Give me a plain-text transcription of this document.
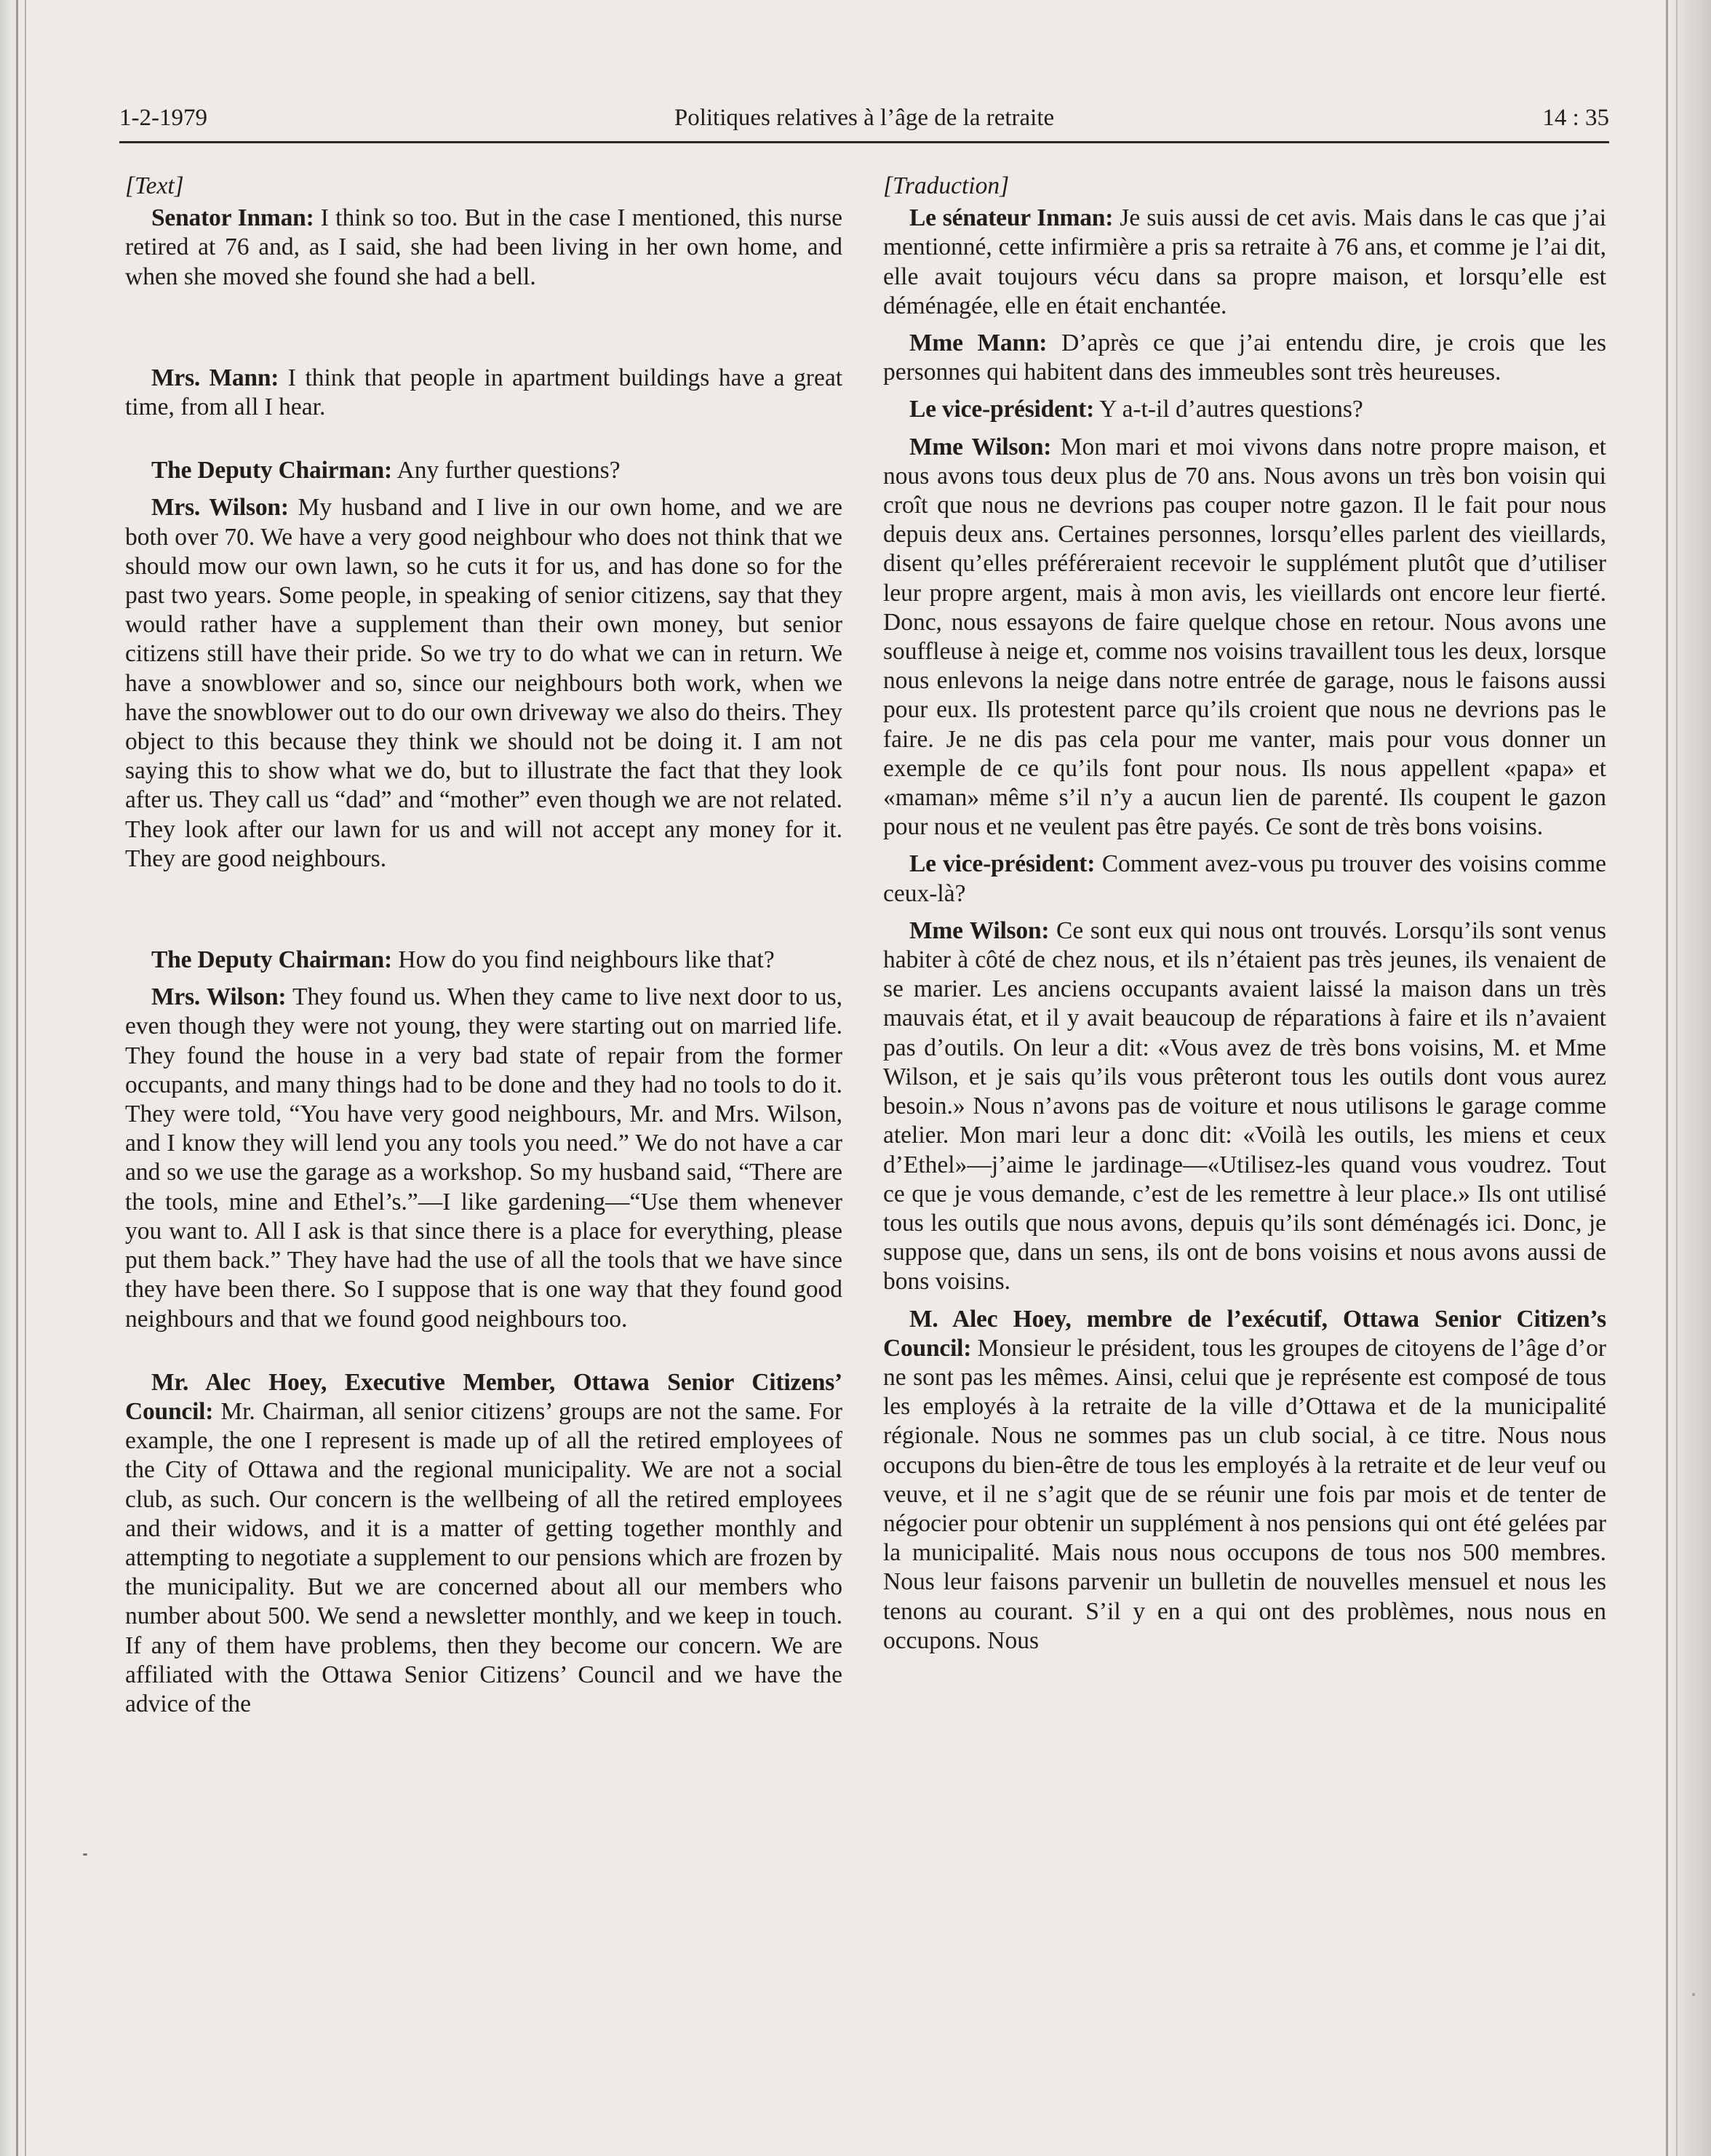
1-2-1979	Politiques relatives à l’âge de la retraite	14 : 35

[Text]

Senator Inman: I think so too. But in the case I mentioned, this nurse retired at 76 and, as I said, she had been living in her own home, and when she moved she found she had a bell.

Mrs. Mann: I think that people in apartment buildings have a great time, from all I hear.

The Deputy Chairman: Any further questions?

Mrs. Wilson: My husband and I live in our own home, and we are both over 70. We have a very good neighbour who does not think that we should mow our own lawn, so he cuts it for us, and has done so for the past two years. Some people, in speaking of senior citizens, say that they would rather have a supplement than their own money, but senior citizens still have their pride. So we try to do what we can in return. We have a snowblower and so, since our neighbours both work, when we have the snowblower out to do our own driveway we also do theirs. They object to this because they think we should not be doing it. I am not saying this to show what we do, but to illustrate the fact that they look after us. They call us “dad” and “mother” even though we are not related. They look after our lawn for us and will not accept any money for it. They are good neighbours.

The Deputy Chairman: How do you find neighbours like that?

Mrs. Wilson: They found us. When they came to live next door to us, even though they were not young, they were starting out on married life. They found the house in a very bad state of repair from the former occupants, and many things had to be done and they had no tools to do it. They were told, “You have very good neighbours, Mr. and Mrs. Wilson, and I know they will lend you any tools you need.” We do not have a car and so we use the garage as a workshop. So my husband said, “There are the tools, mine and Ethel’s.”—I like gardening—“Use them whenever you want to. All I ask is that since there is a place for everything, please put them back.” They have had the use of all the tools that we have since they have been there. So I suppose that is one way that they found good neighbours and that we found good neighbours too.

Mr. Alec Hoey, Executive Member, Ottawa Senior Citizens’ Council: Mr. Chairman, all senior citizens’ groups are not the same. For example, the one I represent is made up of all the retired employees of the City of Ottawa and the regional municipality. We are not a social club, as such. Our concern is the wellbeing of all the retired employees and their widows, and it is a matter of getting together monthly and attempting to negotiate a supplement to our pensions which are frozen by the municipality. But we are concerned about all our members who number about 500. We send a newsletter monthly, and we keep in touch. If any of them have problems, then they become our concern. We are affiliated with the Ottawa Senior Citizens’ Council and we have the advice of the

[Traduction]

Le sénateur Inman: Je suis aussi de cet avis. Mais dans le cas que j’ai mentionné, cette infirmière a pris sa retraite à 76 ans, et comme je l’ai dit, elle avait toujours vécu dans sa propre maison, et lorsqu’elle est déménagée, elle en était enchantée.

Mme Mann: D’après ce que j’ai entendu dire, je crois que les personnes qui habitent dans des immeubles sont très heureuses.

Le vice-président: Y a-t-il d’autres questions?

Mme Wilson: Mon mari et moi vivons dans notre propre maison, et nous avons tous deux plus de 70 ans. Nous avons un très bon voisin qui croît que nous ne devrions pas couper notre gazon. Il le fait pour nous depuis deux ans. Certaines personnes, lorsqu’elles parlent des vieillards, disent qu’elles préféreraient recevoir le supplément plutôt que d’utiliser leur propre argent, mais à mon avis, les vieillards ont encore leur fierté. Donc, nous essayons de faire quelque chose en retour. Nous avons une souffleuse à neige et, comme nos voisins travaillent tous les deux, lorsque nous enlevons la neige dans notre entrée de garage, nous le faisons aussi pour eux. Ils protestent parce qu’ils croient que nous ne devrions pas le faire. Je ne dis pas cela pour me vanter, mais pour vous donner un exemple de ce qu’ils font pour nous. Ils nous appellent «papa» et «maman» même s’il n’y a aucun lien de parenté. Ils coupent le gazon pour nous et ne veulent pas être payés. Ce sont de très bons voisins.

Le vice-président: Comment avez-vous pu trouver des voisins comme ceux-là?

Mme Wilson: Ce sont eux qui nous ont trouvés. Lorsqu’ils sont venus habiter à côté de chez nous, et ils n’étaient pas très jeunes, ils venaient de se marier. Les anciens occupants avaient laissé la maison dans un très mauvais état, et il y avait beaucoup de réparations à faire et ils n’avaient pas d’outils. On leur a dit: «Vous avez de très bons voisins, M. et Mme Wilson, et je sais qu’ils vous prêteront tous les outils dont vous aurez besoin.» Nous n’avons pas de voiture et nous utilisons le garage comme atelier. Mon mari leur a donc dit: «Voilà les outils, les miens et ceux d’Ethel»—j’aime le jardinage—«Utilisez-les quand vous voudrez. Tout ce que je vous demande, c’est de les remettre à leur place.» Ils ont utilisé tous les outils que nous avons, depuis qu’ils sont déménagés ici. Donc, je suppose que, dans un sens, ils ont de bons voisins et nous avons aussi de bons voisins.

M. Alec Hoey, membre de l’exécutif, Ottawa Senior Citizen’s Council: Monsieur le président, tous les groupes de citoyens de l’âge d’or ne sont pas les mêmes. Ainsi, celui que je représente est composé de tous les employés à la retraite de la ville d’Ottawa et de la municipalité régionale. Nous ne sommes pas un club social, à ce titre. Nous nous occupons du bien-être de tous les employés à la retraite et de leur veuf ou veuve, et il ne s’agit que de se réunir une fois par mois et de tenter de négocier pour obtenir un supplément à nos pensions qui ont été gelées par la municipalité. Mais nous nous occupons de tous nos 500 membres. Nous leur faisons parvenir un bulletin de nouvelles mensuel et nous les tenons au courant. S’il y en a qui ont des problèmes, nous nous en occupons. Nous
